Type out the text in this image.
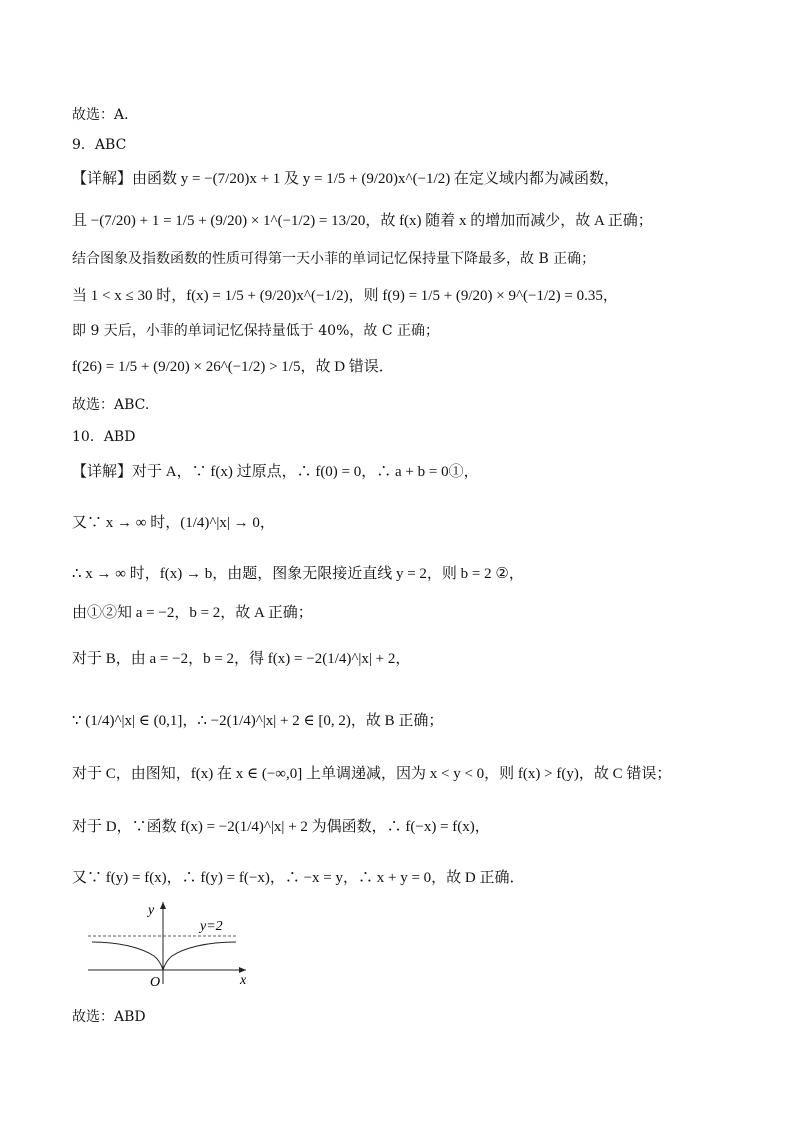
故选：A．
9．ABC
【详解】由函数 y = −(7/20)x + 1 及 y = 1/5 + (9/20)x^(−1/2) 在定义域内都为减函数，
且 −(7/20) + 1 = 1/5 + (9/20) × 1^(−1/2) = 13/20，故 f(x) 随着 x 的增加而减少，故 A 正确；
结合图象及指数函数的性质可得第一天小菲的单词记忆保持量下降最多，故 B 正确；
当 1 < x ≤ 30 时，f(x) = 1/5 + (9/20)x^(−1/2)，则 f(9) = 1/5 + (9/20) × 9^(−1/2) = 0.35，
即 9 天后，小菲的单词记忆保持量低于 40%，故 C 正确；
f(26) = 1/5 + (9/20) × 26^(−1/2) > 1/5，故 D 错误．
故选：ABC.
10．ABD
【详解】对于 A，∵ f(x) 过原点，∴ f(0) = 0，∴ a + b = 0①，
又∵ x → ∞ 时，(1/4)^|x| → 0，
∴ x → ∞ 时，f(x) → b，由题，图象无限接近直线 y = 2，则 b = 2 ②，
由①②知 a = −2，b = 2，故 A 正确；
对于 B，由 a = −2，b = 2，得 f(x) = −2(1/4)^|x| + 2，
∵ (1/4)^|x| ∈ (0,1]，∴ −2(1/4)^|x| + 2 ∈ [0, 2)，故 B 正确；
对于 C，由图知，f(x) 在 x ∈ (−∞,0] 上单调递减，因为 x < y < 0，则 f(x) > f(y)，故 C 错误；
对于 D，∵函数 f(x) = −2(1/4)^|x| + 2 为偶函数，∴ f(−x) = f(x)，
又∵ f(y) = f(x)，∴ f(y) = f(−x)，∴ −x = y，∴ x + y = 0，故 D 正确．
故选：ABD
y=2
y
x
O
